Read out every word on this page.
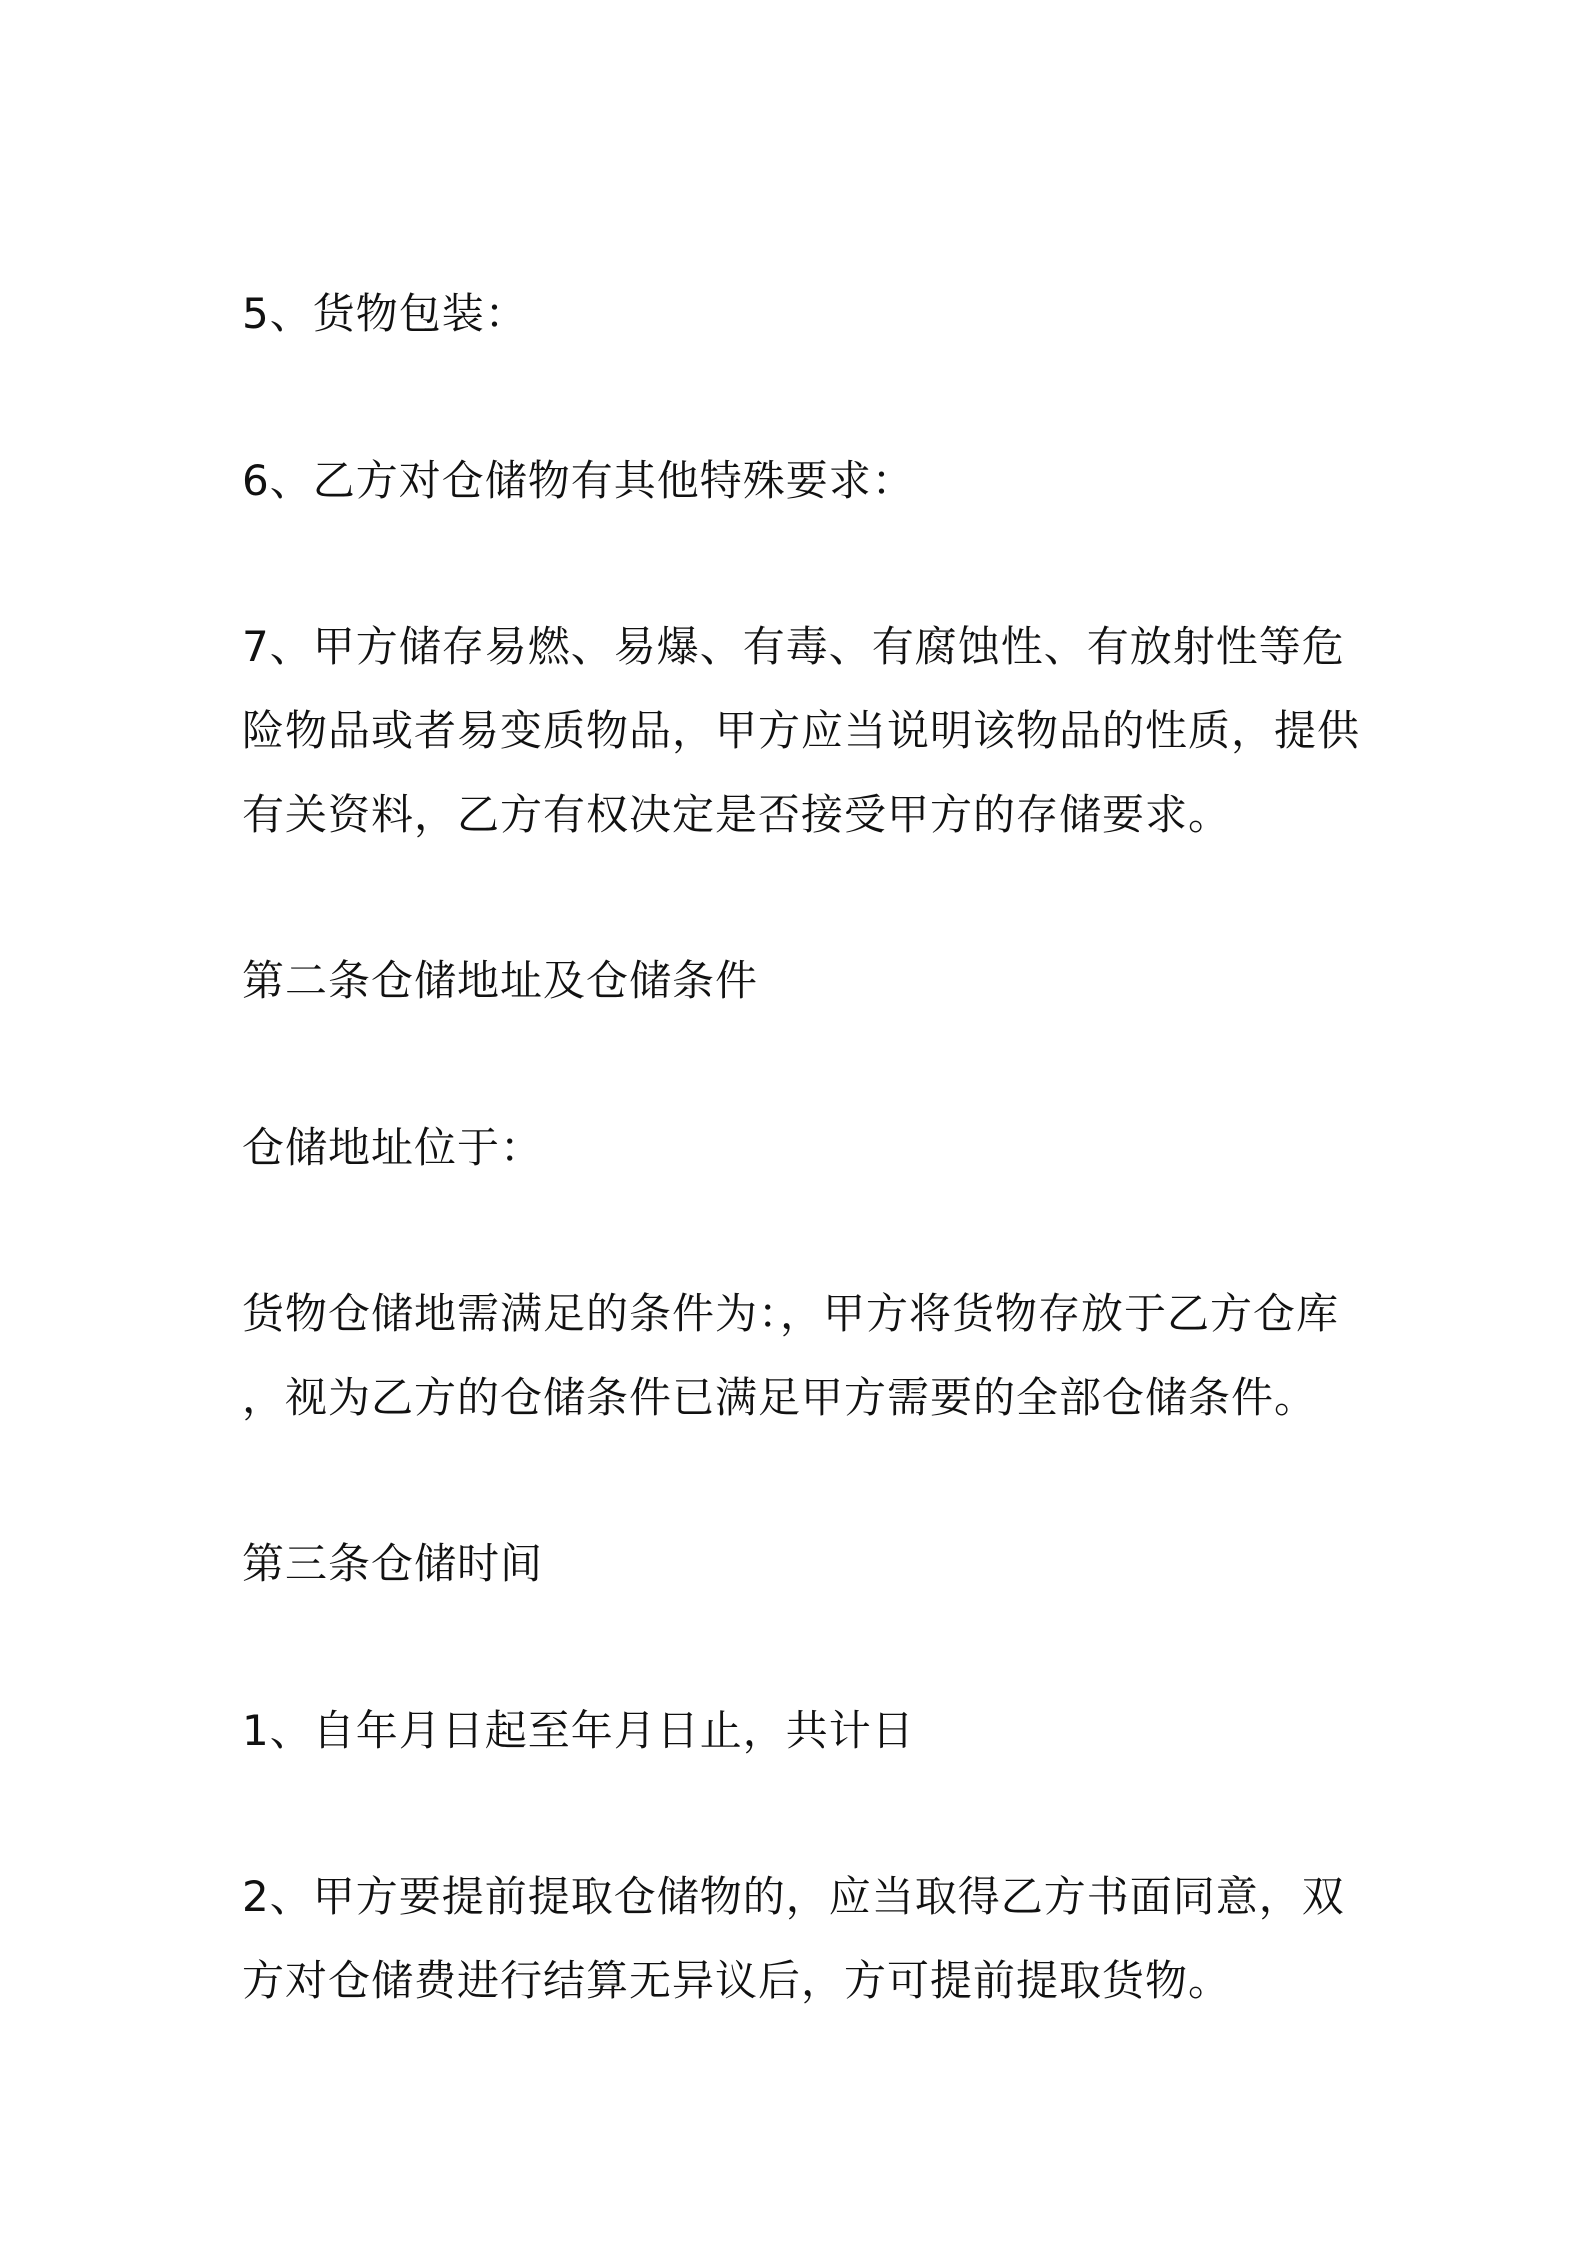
5、货物包装：

6、乙方对仓储物有其他特殊要求：

7、甲方储存易燃、易爆、有毒、有腐蚀性、有放射性等危

险物品或者易变质物品，甲方应当说明该物品的性质，提供

有关资料，乙方有权决定是否接受甲方的存储要求。

第二条仓储地址及仓储条件

仓储地址位于：

货物仓储地需满足的条件为：，甲方将货物存放于乙方仓库

，视为乙方的仓储条件已满足甲方需要的全部仓储条件。

第三条仓储时间

1、自年月日起至年月日止，共计日

2、甲方要提前提取仓储物的，应当取得乙方书面同意，双

方对仓储费进行结算无异议后，方可提前提取货物。
